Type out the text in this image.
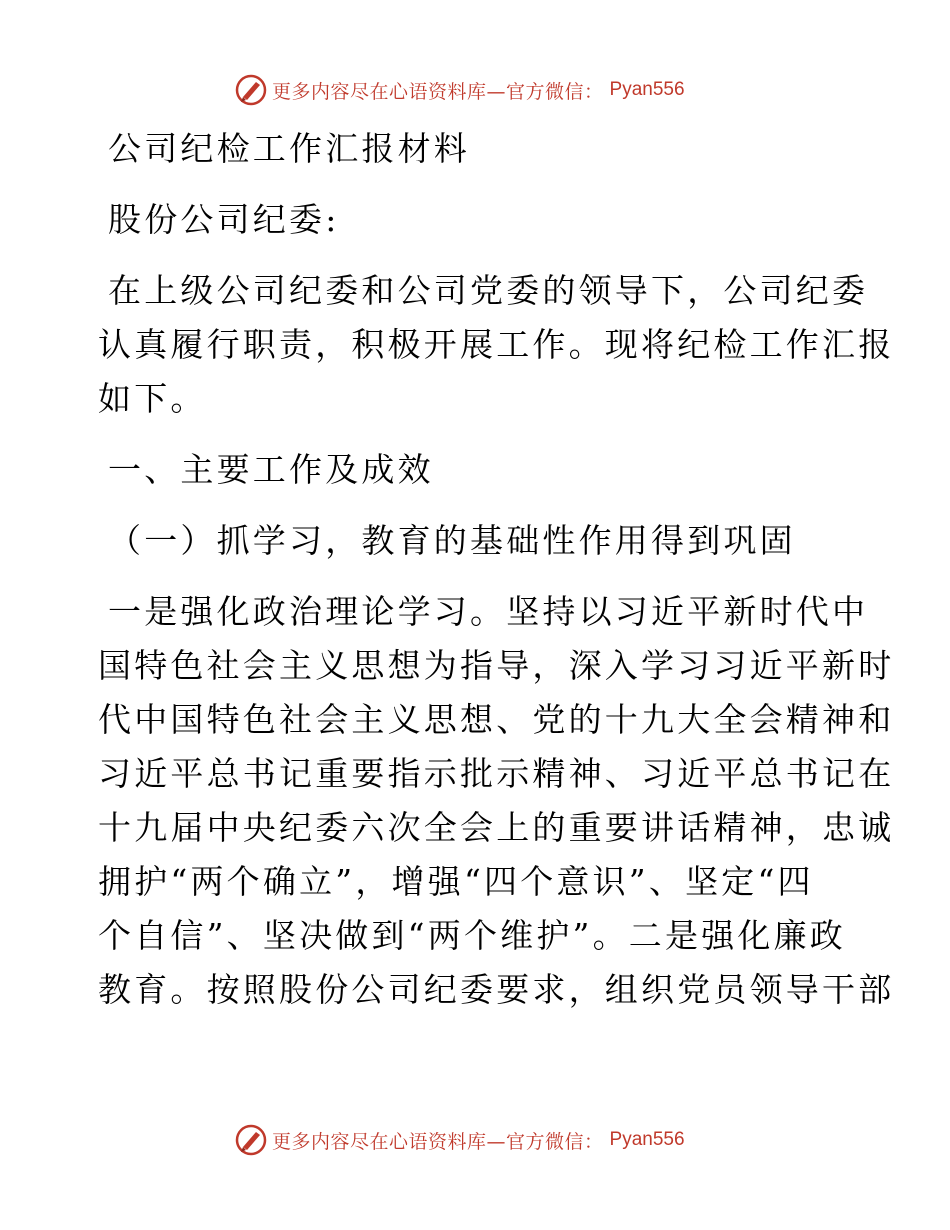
更多内容尽在心语资料库—官方微信： Pyan556

公司纪检工作汇报材料

股份公司纪委:

在上级公司纪委和公司党委的领导下，公司纪委

认真履行职责，积极开展工作。现将纪检工作汇报

如下。

一、主要工作及成效

（一）抓学习，教育的基础性作用得到巩固

一是强化政治理论学习。坚持以习近平新时代中

国特色社会主义思想为指导，深入学习习近平新时

代中国特色社会主义思想、党的十九大全会精神和

习近平总书记重要指示批示精神、习近平总书记在

十九届中央纪委六次全会上的重要讲话精神，忠诚

拥护“两个确立”，增强“四个意识”、坚定“四

个自信”、坚决做到“两个维护”。二是强化廉政

教育。按照股份公司纪委要求，组织党员领导干部

更多内容尽在心语资料库—官方微信： Pyan556
